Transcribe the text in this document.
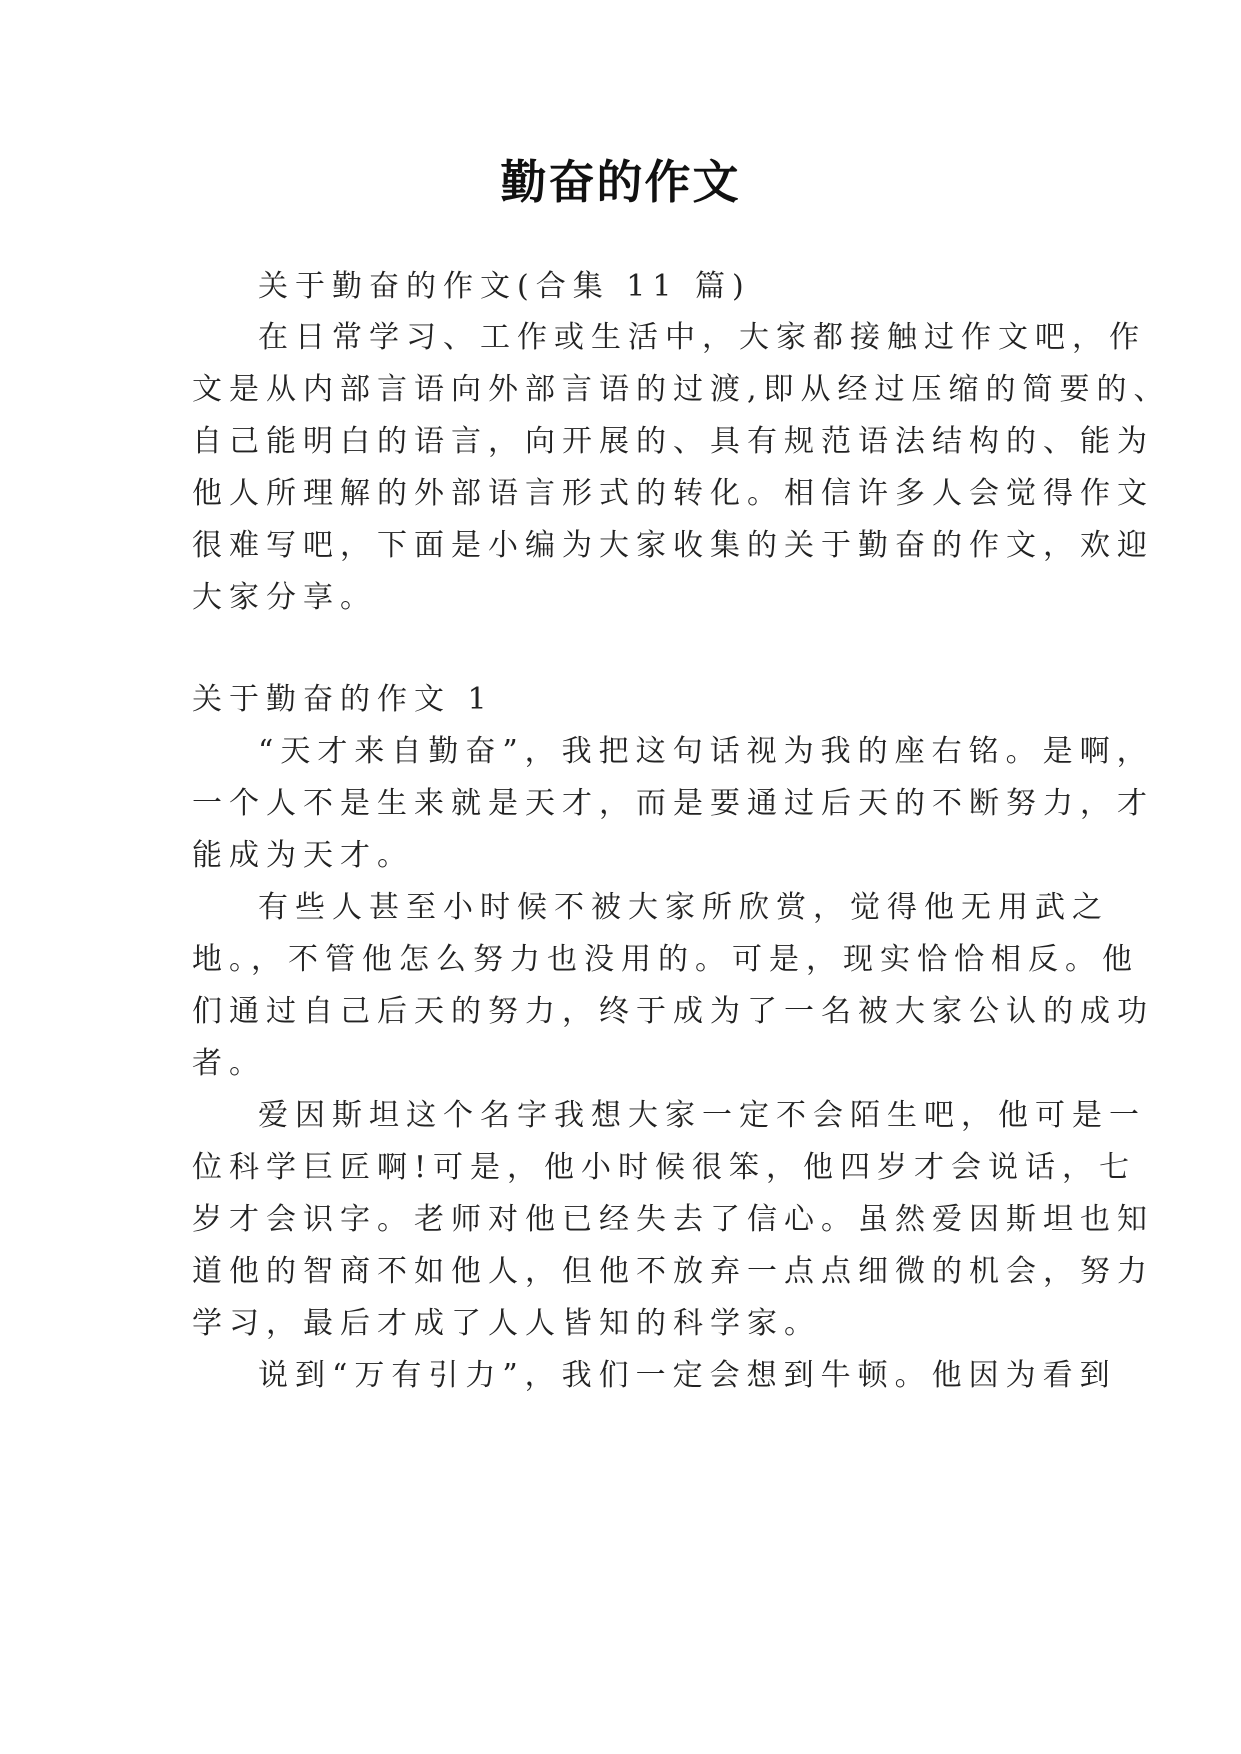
勤奋的作文
关于勤奋的作文(合集 11 篇)
在日常学习、工作或生活中，大家都接触过作文吧，作
文是从内部言语向外部言语的过渡,即从经过压缩的简要的、
自己能明白的语言，向开展的、具有规范语法结构的、能为
他人所理解的外部语言形式的转化。相信许多人会觉得作文
很难写吧，下面是小编为大家收集的关于勤奋的作文，欢迎
大家分享。
关于勤奋的作文 1
“天才来自勤奋”，我把这句话视为我的座右铭。是啊，
一个人不是生来就是天才，而是要通过后天的不断努力，才
能成为天才。
有些人甚至小时候不被大家所欣赏，觉得他无用武之
地。，不管他怎么努力也没用的。可是，现实恰恰相反。他
们通过自己后天的努力，终于成为了一名被大家公认的成功
者。
爱因斯坦这个名字我想大家一定不会陌生吧，他可是一
位科学巨匠啊!可是，他小时候很笨，他四岁才会说话，七
岁才会识字。老师对他已经失去了信心。虽然爱因斯坦也知
道他的智商不如他人，但他不放弃一点点细微的机会，努力
学习，最后才成了人人皆知的科学家。
说到“万有引力”，我们一定会想到牛顿。他因为看到
